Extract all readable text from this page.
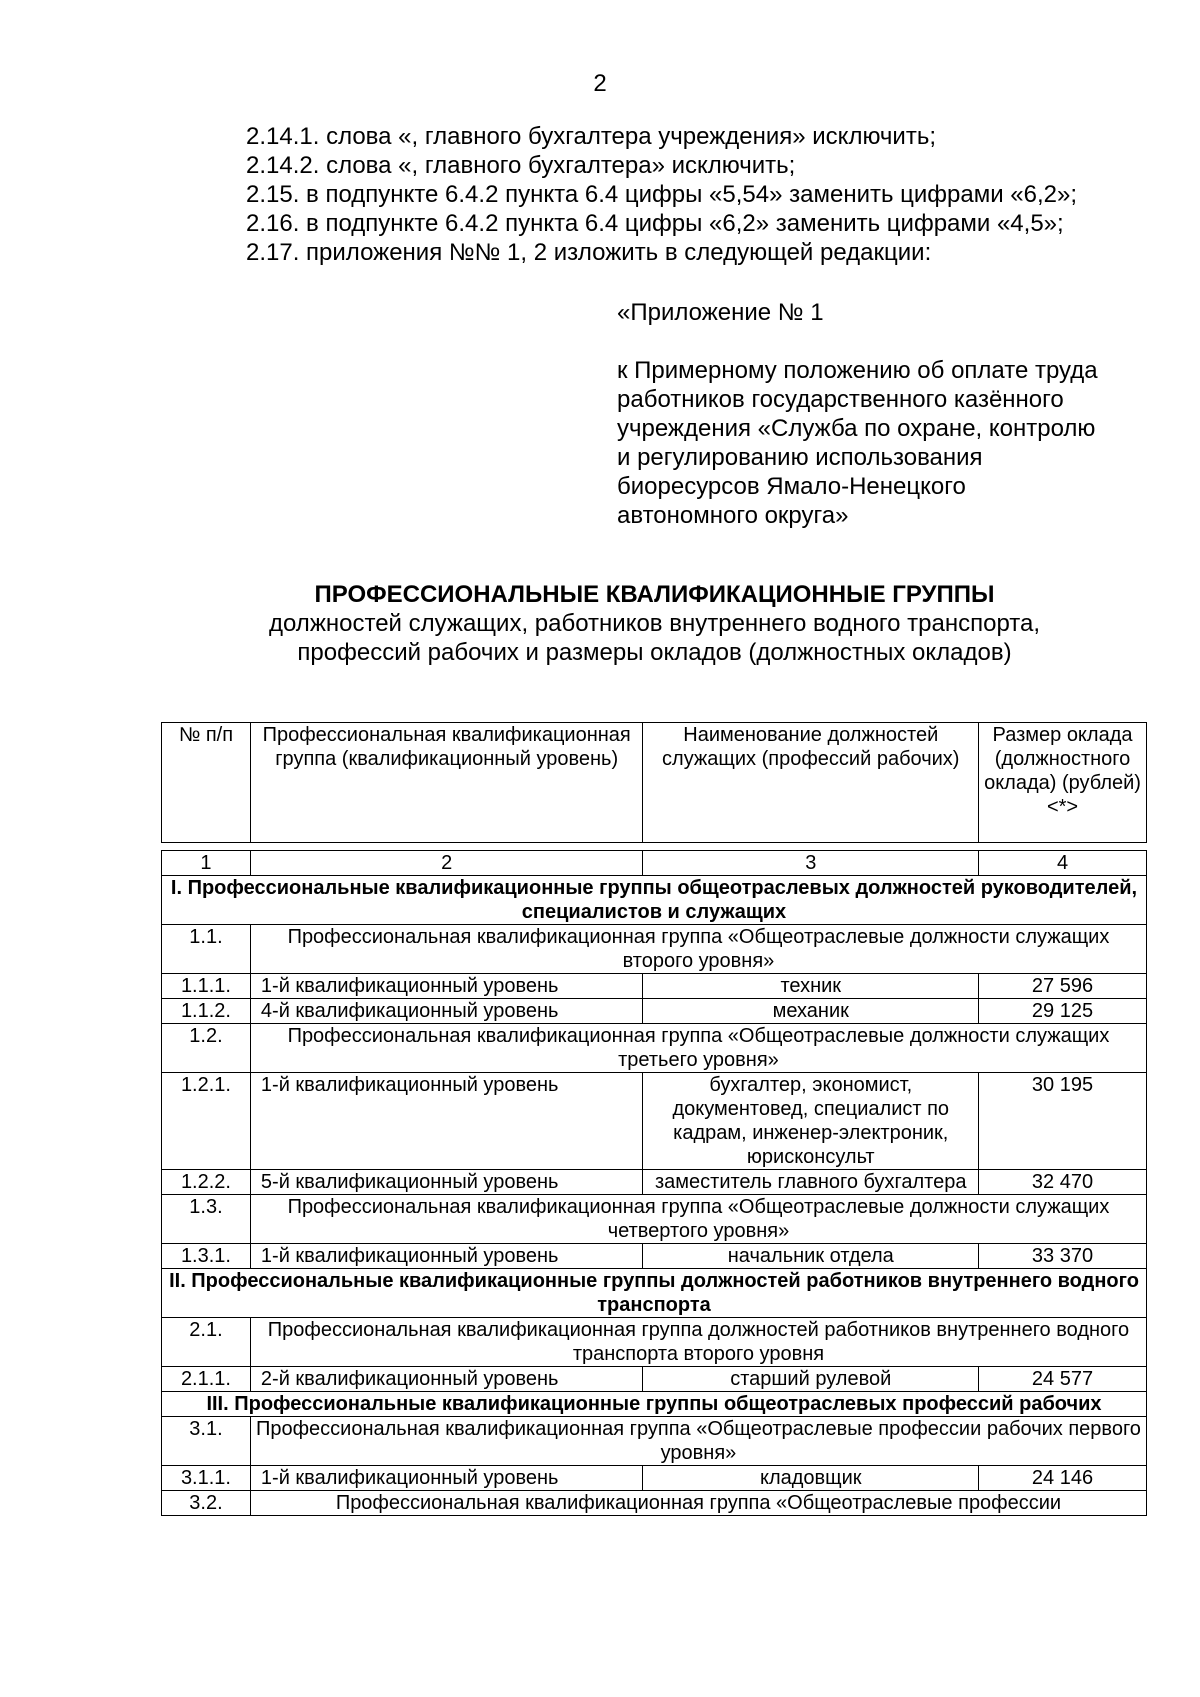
2
2.14.1. слова «, главного бухгалтера учреждения» исключить;
2.14.2. слова «, главного бухгалтера» исключить;
2.15. в подпункте 6.4.2 пункта 6.4 цифры «5,54» заменить цифрами «6,2»;
2.16. в подпункте 6.4.2 пункта 6.4 цифры «6,2» заменить цифрами «4,5»;
2.17. приложения №№ 1, 2 изложить в следующей редакции:
«Приложение № 1
к Примерному положению об оплате труда
работников государственного казённого
учреждения «Служба по охране, контролю
и регулированию использования
биоресурсов Ямало-Ненецкого
автономного округа»
ПРОФЕССИОНАЛЬНЫЕ КВАЛИФИКАЦИОННЫЕ ГРУППЫ
должностей служащих, работников внутреннего водного транспорта,
профессий рабочих и размеры окладов (должностных окладов)
№ п/п	Профессиональная квалификационная группа (квалификационный уровень)	Наименование должностей служащих (профессий рабочих)	Размер оклада (должностного оклада) (рублей) <*>

1	2	3	4
I. Профессиональные квалификационные группы общеотраслевых должностей руководителей, специалистов и служащих			
1.1.	Профессиональная квалификационная группа «Общеотраслевые должности служащих второго уровня»		
1.1.1.	1-й квалификационный уровень	техник	27 596
1.1.2.	4-й квалификационный уровень	механик	29 125
1.2.	Профессиональная квалификационная группа «Общеотраслевые должности служащих третьего уровня»		
1.2.1.	1-й квалификационный уровень	бухгалтер, экономист, документовед, специалист по кадрам, инженер-электроник, юрисконсульт	30 195
1.2.2.	5-й квалификационный уровень	заместитель главного бухгалтера	32 470
1.3.	Профессиональная квалификационная группа «Общеотраслевые должности служащих четвертого уровня»		
1.3.1.	1-й квалификационный уровень	начальник отдела	33 370
II. Профессиональные квалификационные группы должностей работников внутреннего водного транспорта			
2.1.	Профессиональная квалификационная группа должностей работников внутреннего водного транспорта второго уровня		
2.1.1.	2-й квалификационный уровень	старший рулевой	24 577
III. Профессиональные квалификационные группы общеотраслевых профессий рабочих			
3.1.	Профессиональная квалификационная группа «Общеотраслевые профессии рабочих первого уровня»		
3.1.1.	1-й квалификационный уровень	кладовщик	24 146
3.2.	Профессиональная квалификационная группа «Общеотраслевые профессии		
